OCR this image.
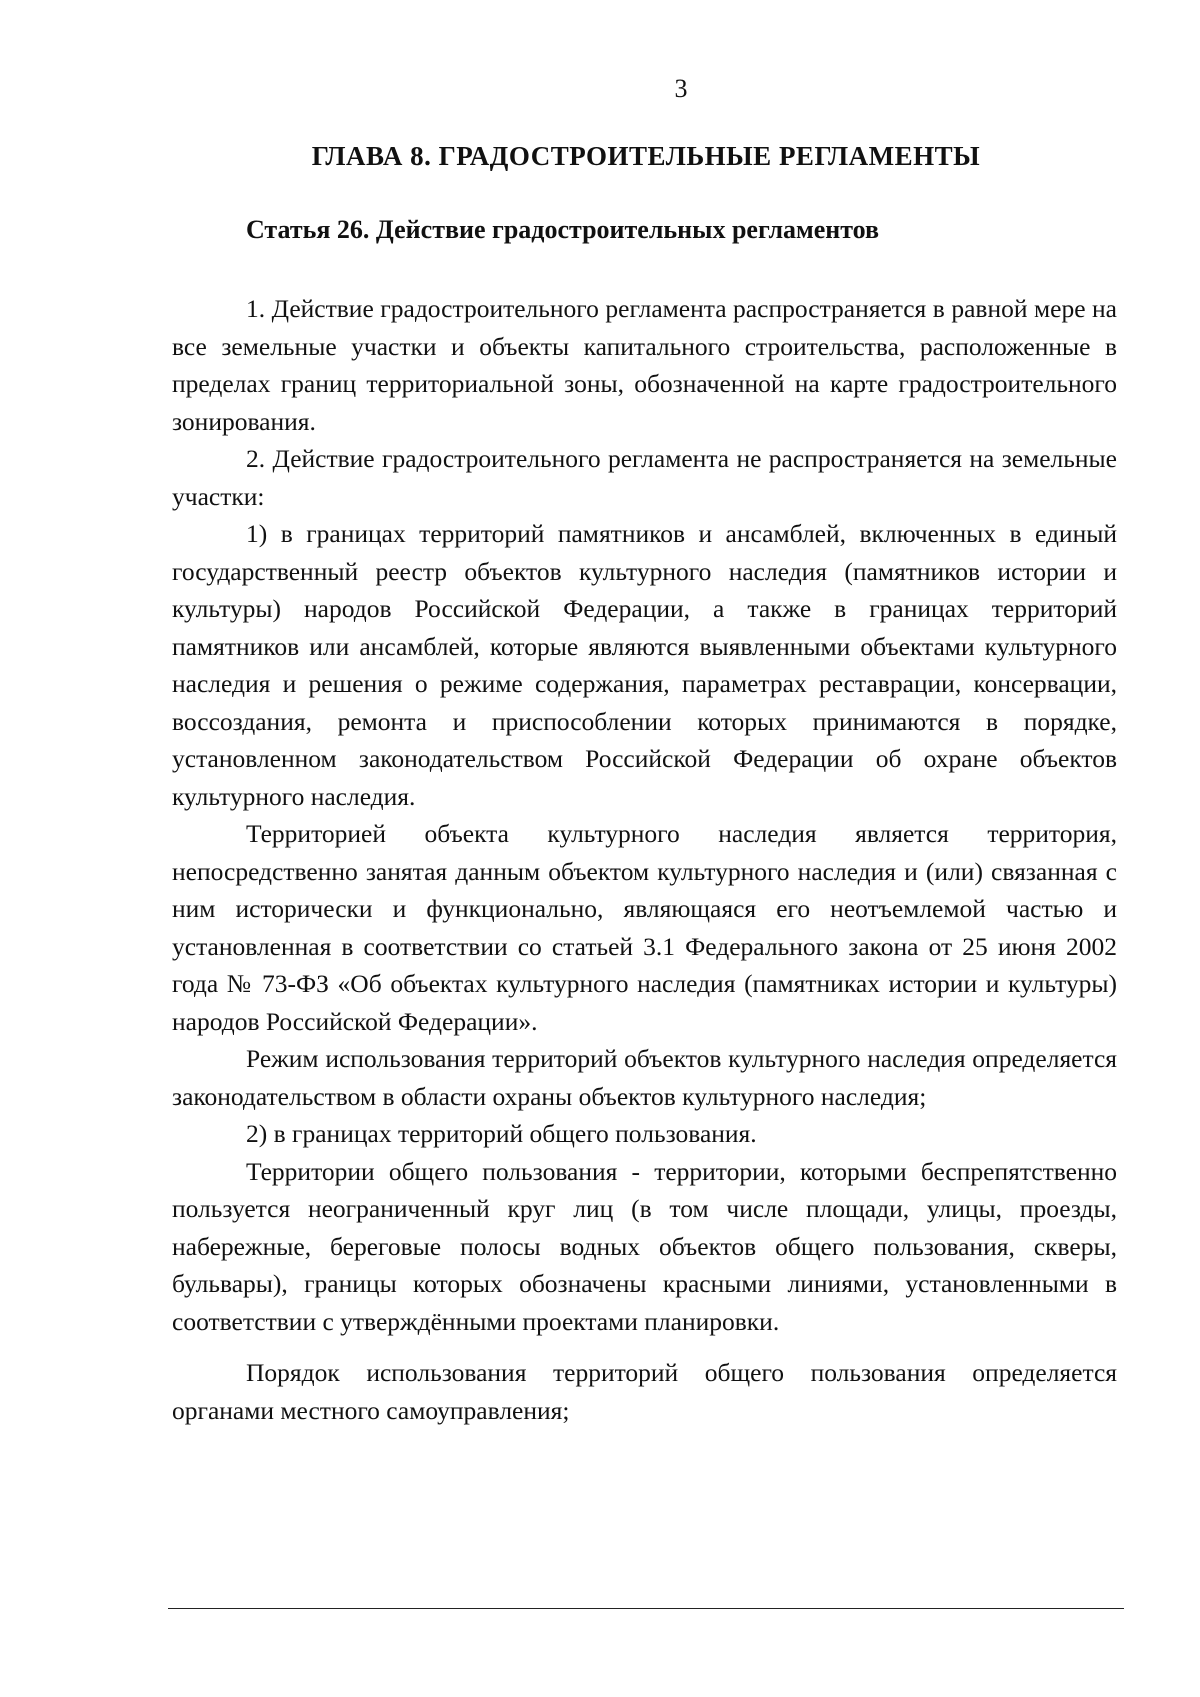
3
ГЛАВА 8. ГРАДОСТРОИТЕЛЬНЫЕ РЕГЛАМЕНТЫ
Статья 26. Действие градостроительных регламентов

1. Действие градостроительного регламента распространяется в равной мере на все земельные участки и объекты капитального строительства, расположенные в пределах границ территориальной зоны, обозначенной на карте градостроительного зонирования.

2. Действие градостроительного регламента не распространяется на земельные участки:

1) в границах территорий памятников и ансамблей, включенных в единый государственный реестр объектов культурного наследия (памятников истории и культуры) народов Российской Федерации, а также в границах территорий памятников или ансамблей, которые являются выявленными объектами культурного наследия и решения о режиме содержания, параметрах реставрации, консервации, воссоздания, ремонта и приспособлении которых принимаются в порядке, установленном законодательством Российской Федерации об охране объектов культурного наследия.

Территорией объекта культурного наследия является территория, непосредственно занятая данным объектом культурного наследия и (или) связанная с ним исторически и функционально, являющаяся его неотъемлемой частью и установленная в соответствии со статьей 3.1 Федерального закона от 25 июня 2002 года № 73-ФЗ «Об объектах культурного наследия (памятниках истории и культуры) народов Российской Федерации».

Режим использования территорий объектов культурного наследия определяется законодательством в области охраны объектов культурного наследия;

2) в границах территорий общего пользования.

Территории общего пользования - территории, которыми беспрепятственно пользуется неограниченный круг лиц (в том числе площади, улицы, проезды, набережные, береговые полосы водных объектов общего пользования, скверы, бульвары), границы которых обозначены красными линиями, установленными в соответствии с утверждёнными проектами планировки.

Порядок использования территорий общего пользования определяется органами местного самоуправления;
